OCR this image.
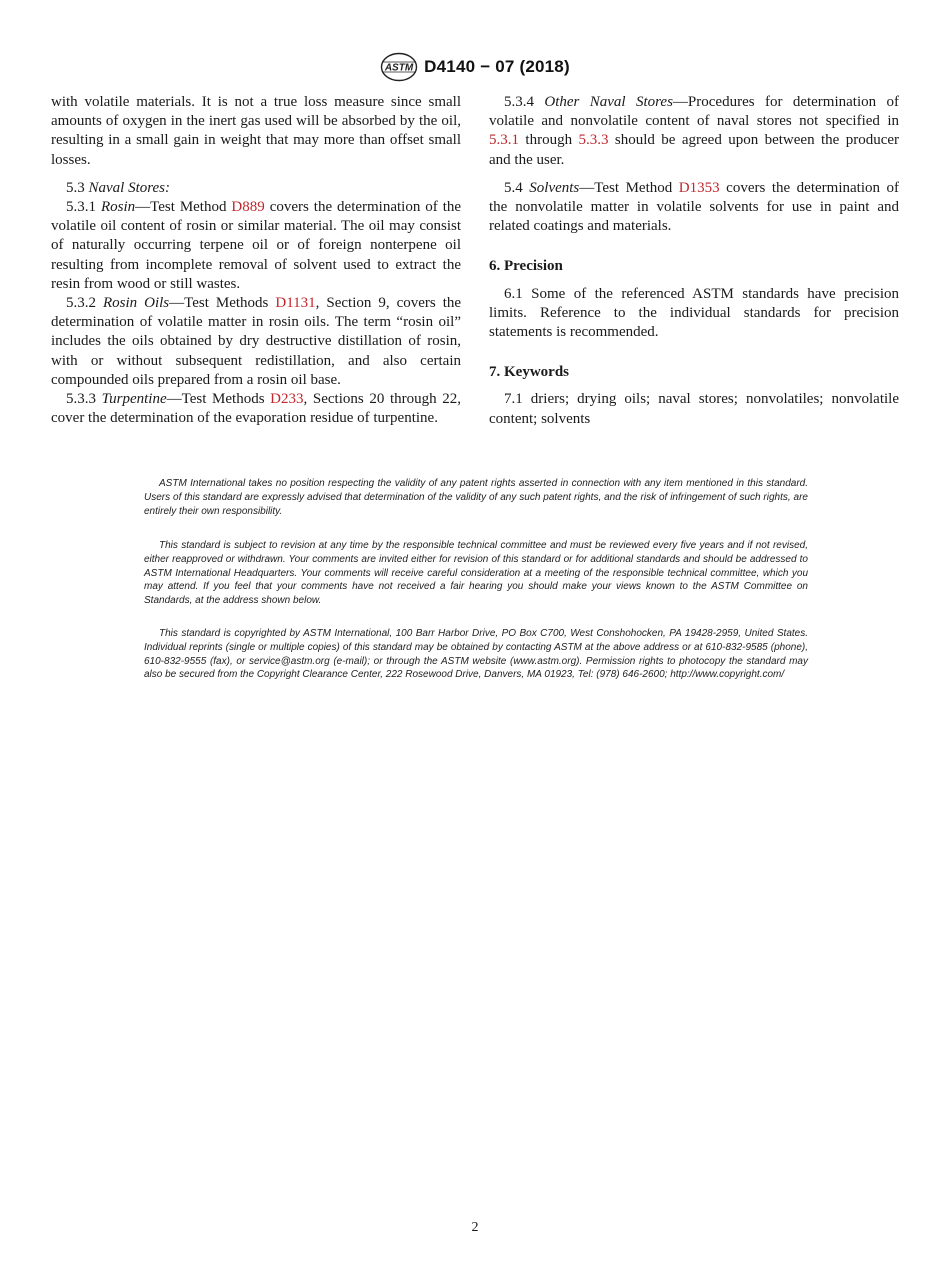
ASTM D4140 − 07 (2018)

with volatile materials. It is not a true loss measure since small amounts of oxygen in the inert gas used will be absorbed by the oil, resulting in a small gain in weight that may more than offset small losses.

5.3 Naval Stores:

5.3.1 Rosin—Test Method D889 covers the determination of the volatile oil content of rosin or similar material. The oil may consist of naturally occurring terpene oil or of foreign nonterpene oil resulting from incomplete removal of solvent used to extract the resin from wood or still wastes.

5.3.2 Rosin Oils—Test Methods D1131, Section 9, covers the determination of volatile matter in rosin oils. The term “rosin oil” includes the oils obtained by dry destructive distillation of rosin, with or without subsequent redistillation, and also certain compounded oils prepared from a rosin oil base.

5.3.3 Turpentine—Test Methods D233, Sections 20 through 22, cover the determination of the evaporation residue of turpentine.

5.3.4 Other Naval Stores—Procedures for determination of volatile and nonvolatile content of naval stores not specified in 5.3.1 through 5.3.3 should be agreed upon between the producer and the user.

5.4 Solvents—Test Method D1353 covers the determination of the nonvolatile matter in volatile solvents for use in paint and related coatings and materials.

6. Precision

6.1 Some of the referenced ASTM standards have precision limits. Reference to the individual standards for precision statements is recommended.

7. Keywords

7.1 driers; drying oils; naval stores; nonvolatiles; nonvolatile content; solvents

ASTM International takes no position respecting the validity of any patent rights asserted in connection with any item mentioned in this standard. Users of this standard are expressly advised that determination of the validity of any such patent rights, and the risk of infringement of such rights, are entirely their own responsibility.

This standard is subject to revision at any time by the responsible technical committee and must be reviewed every five years and if not revised, either reapproved or withdrawn. Your comments are invited either for revision of this standard or for additional standards and should be addressed to ASTM International Headquarters. Your comments will receive careful consideration at a meeting of the responsible technical committee, which you may attend. If you feel that your comments have not received a fair hearing you should make your views known to the ASTM Committee on Standards, at the address shown below.

This standard is copyrighted by ASTM International, 100 Barr Harbor Drive, PO Box C700, West Conshohocken, PA 19428-2959, United States. Individual reprints (single or multiple copies) of this standard may be obtained by contacting ASTM at the above address or at 610-832-9585 (phone), 610-832-9555 (fax), or service@astm.org (e-mail); or through the ASTM website (www.astm.org). Permission rights to photocopy the standard may also be secured from the Copyright Clearance Center, 222 Rosewood Drive, Danvers, MA 01923, Tel: (978) 646-2600; http://www.copyright.com/

2
